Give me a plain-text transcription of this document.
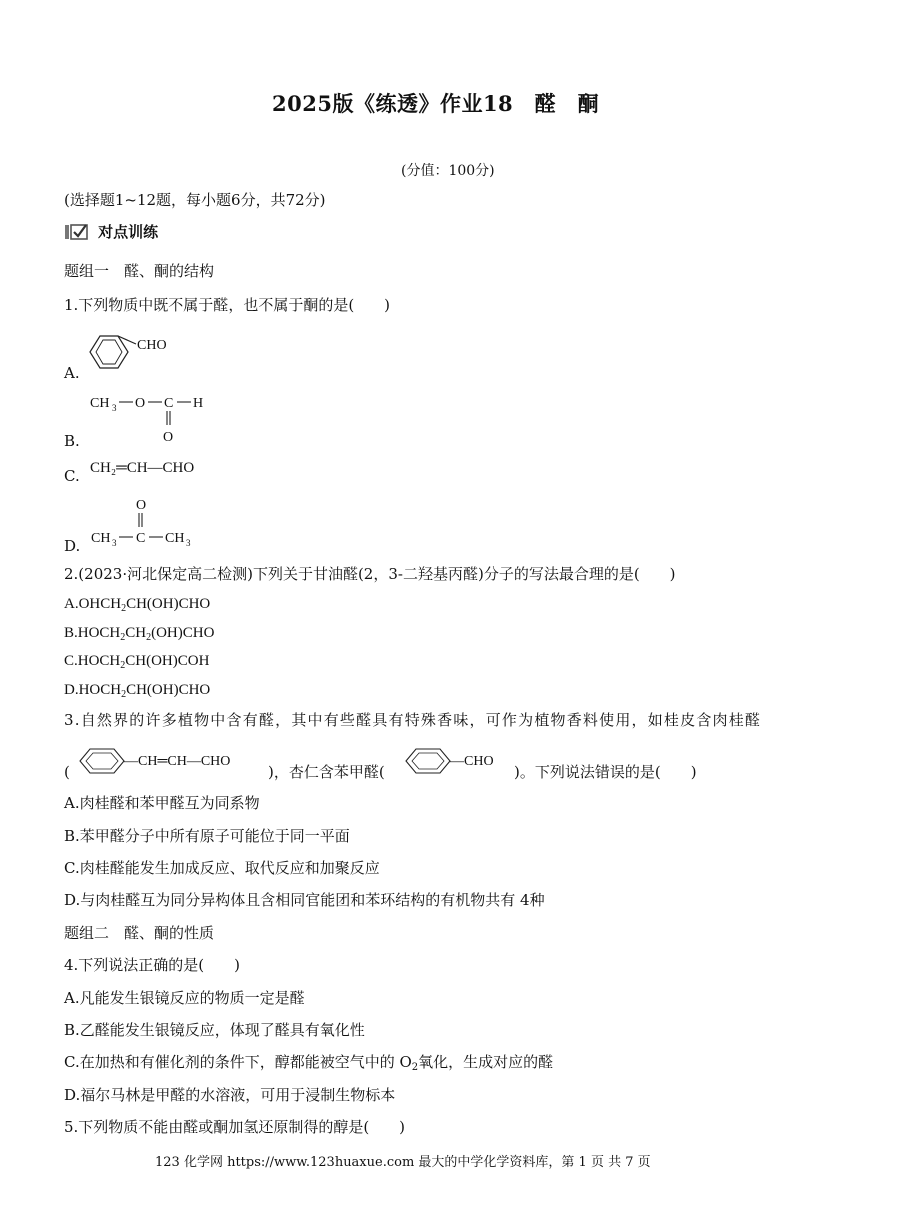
2025版《练透》作业18　醛　酮
(分值：100分)
(选择题1~12题，每小题6分，共72分)
对点训练
题组一　醛、酮的结构
1.下列物质中既不属于醛，也不属于酮的是(　　)
A.
CHO
B.
CH 3 O C H
O
C. CH₂═CH—CHO
D.
O
CH 3 C CH 3
2.(2023·河北保定高二检测)下列关于甘油醛(2，3-二羟基丙醛)分子的写法最合理的是(　　)
$A.OHCH_2CH(OH)CHO$
$B.HOCH_2CH_2(OH)CHO$
$C.HOCH_2CH(OH)COH$
$D.HOCH_2CH(OH)CHO$
3.自然界的许多植物中含有醛，其中有些醛具有特殊香味，可作为植物香料使用，如桂皮含肉桂醛
(
—CH═CH—CHO
)，杏仁含苯甲醛(
—CHO
)。下列说法错误的是(　　)
A.肉桂醛和苯甲醛互为同系物
B.苯甲醛分子中所有原子可能位于同一平面
C.肉桂醛能发生加成反应、取代反应和加聚反应
D.与肉桂醛互为同分异构体且含相同官能团和苯环结构的有机物共有 4种
题组二　醛、酮的性质
4.下列说法正确的是(　　)
A.凡能发生银镜反应的物质一定是醛
B.乙醛能发生银镜反应，体现了醛具有氧化性
C.在加热和有催化剂的条件下，醇都能被空气中的 $O_2$氧化，生成对应的醛
D.福尔马林是甲醛的水溶液，可用于浸制生物标本
5.下列物质不能由醛或酮加氢还原制得的醇是(　　)
123 化学网 https://www.123huaxue.com 最大的中学化学资料库，第 1 页 共 7 页
